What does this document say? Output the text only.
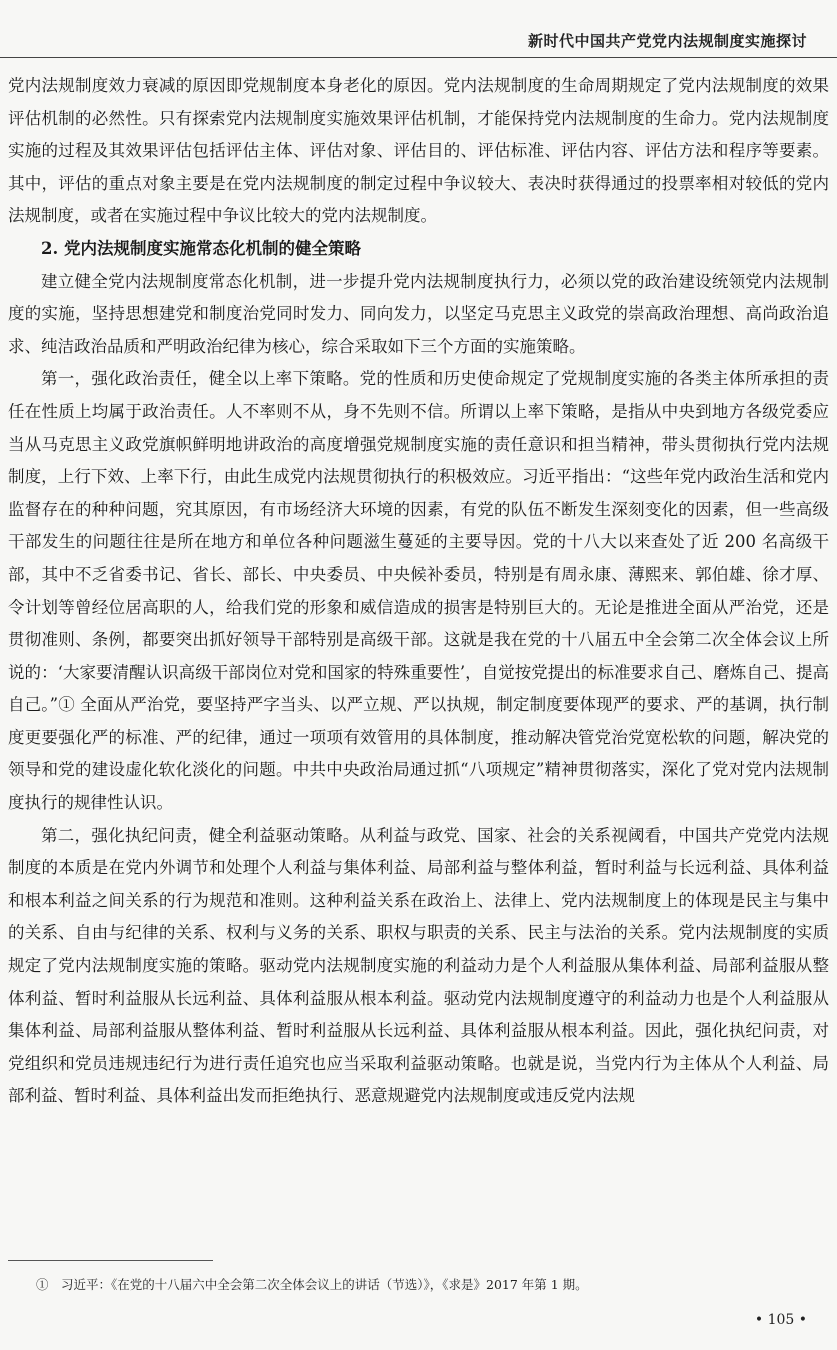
新时代中国共产党党内法规制度实施探讨

党内法规制度效力衰减的原因即党规制度本身老化的原因。党内法规制度的生命周期规定了党内法规制度的效果评估机制的必然性。只有探索党内法规制度实施效果评估机制，才能保持党内法规制度的生命力。党内法规制度实施的过程及其效果评估包括评估主体、评估对象、评估目的、评估标准、评估内容、评估方法和程序等要素。其中，评估的重点对象主要是在党内法规制度的制定过程中争议较大、表决时获得通过的投票率相对较低的党内法规制度，或者在实施过程中争议比较大的党内法规制度。

2. 党内法规制度实施常态化机制的健全策略

建立健全党内法规制度常态化机制，进一步提升党内法规制度执行力，必须以党的政治建设统领党内法规制度的实施，坚持思想建党和制度治党同时发力、同向发力，以坚定马克思主义政党的崇高政治理想、高尚政治追求、纯洁政治品质和严明政治纪律为核心，综合采取如下三个方面的实施策略。

第一，强化政治责任，健全以上率下策略。党的性质和历史使命规定了党规制度实施的各类主体所承担的责任在性质上均属于政治责任。人不率则不从，身不先则不信。所谓以上率下策略，是指从中央到地方各级党委应当从马克思主义政党旗帜鲜明地讲政治的高度增强党规制度实施的责任意识和担当精神，带头贯彻执行党内法规制度，上行下效、上率下行，由此生成党内法规贯彻执行的积极效应。习近平指出：“这些年党内政治生活和党内监督存在的种种问题，究其原因，有市场经济大环境的因素，有党的队伍不断发生深刻变化的因素，但一些高级干部发生的问题往往是所在地方和单位各种问题滋生蔓延的主要导因。党的十八大以来查处了近 200 名高级干部，其中不乏省委书记、省长、部长、中央委员、中央候补委员，特别是有周永康、薄熙来、郭伯雄、徐才厚、令计划等曾经位居高职的人，给我们党的形象和威信造成的损害是特别巨大的。无论是推进全面从严治党，还是贯彻准则、条例，都要突出抓好领导干部特别是高级干部。这就是我在党的十八届五中全会第二次全体会议上所说的：‘大家要清醒认识高级干部岗位对党和国家的特殊重要性’，自觉按党提出的标准要求自己、磨炼自己、提高自己。”① 全面从严治党，要坚持严字当头、以严立规、严以执规，制定制度要体现严的要求、严的基调，执行制度更要强化严的标准、严的纪律，通过一项项有效管用的具体制度，推动解决管党治党宽松软的问题，解决党的领导和党的建设虚化软化淡化的问题。中共中央政治局通过抓“八项规定”精神贯彻落实，深化了党对党内法规制度执行的规律性认识。

第二，强化执纪问责，健全利益驱动策略。从利益与政党、国家、社会的关系视阈看，中国共产党党内法规制度的本质是在党内外调节和处理个人利益与集体利益、局部利益与整体利益，暂时利益与长远利益、具体利益和根本利益之间关系的行为规范和准则。这种利益关系在政治上、法律上、党内法规制度上的体现是民主与集中的关系、自由与纪律的关系、权利与义务的关系、职权与职责的关系、民主与法治的关系。党内法规制度的实质规定了党内法规制度实施的策略。驱动党内法规制度实施的利益动力是个人利益服从集体利益、局部利益服从整体利益、暂时利益服从长远利益、具体利益服从根本利益。驱动党内法规制度遵守的利益动力也是个人利益服从集体利益、局部利益服从整体利益、暂时利益服从长远利益、具体利益服从根本利益。因此，强化执纪问责，对党组织和党员违规违纪行为进行责任追究也应当采取利益驱动策略。也就是说，当党内行为主体从个人利益、局部利益、暂时利益、具体利益出发而拒绝执行、恶意规避党内法规制度或违反党内法规

①　习近平：《在党的十八届六中全会第二次全体会议上的讲话（节选）》，《求是》2017 年第 1 期。
• 105 •
